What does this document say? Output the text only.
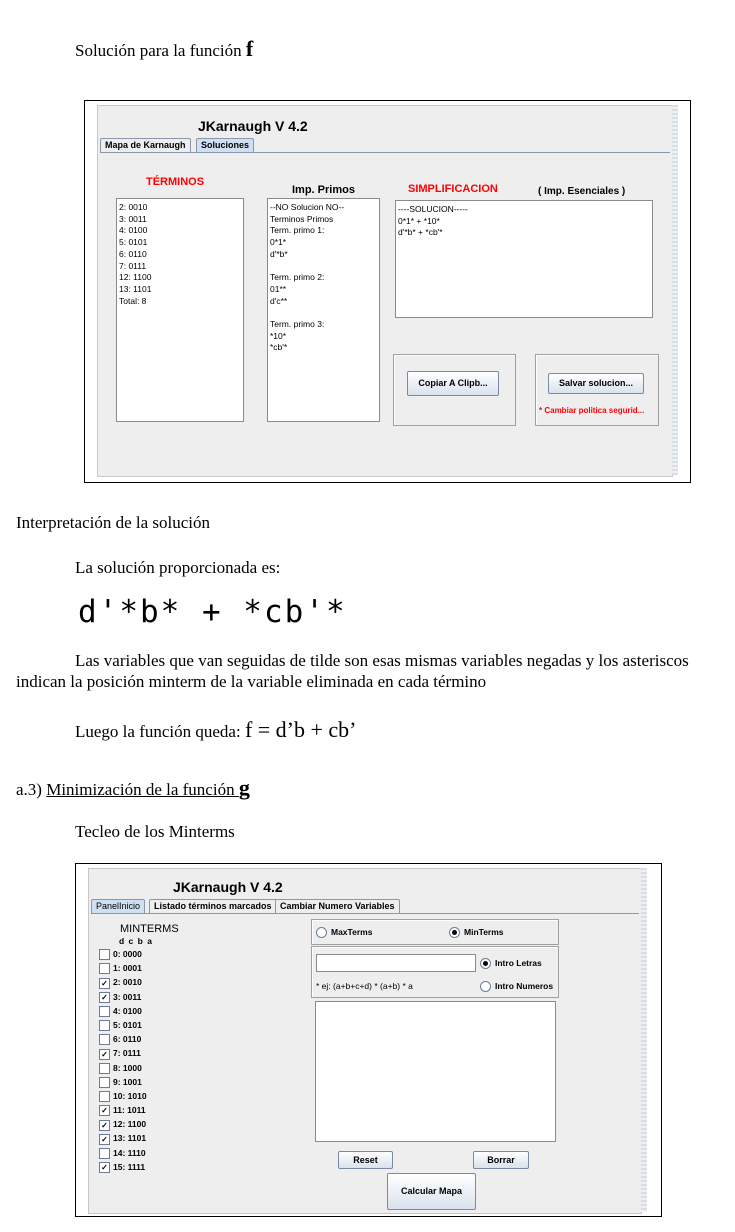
Solución para la función f
JKarnaugh V 4.2
Mapa de Karnaugh	Soluciones
TÉRMINOS
Imp. Primos	SIMPLIFICACION	( Imp. Esenciales )
2: 0010
3: 0011
4: 0100
5: 0101
6: 0110
7: 0111
12: 1100
13: 1101
Total: 8
--NO Solucion NO--
Terminos Primos
Term. primo 1:
0*1*
d'*b*

Term. primo 2:
01**
d'c**

Term. primo 3:
*10*
*cb'*
----SOLUCION-----
0*1* + *10*
d'*b* + *cb'*
Copiar A Clipb...	Salvar solucion...
* Cambiar politica segurid...
Interpretación de la solución
La solución proporcionada es:
d'*b* + *cb'*
Las variables que van seguidas de tilde son esas mismas variables negadas y los asteriscos indican la posición minterm de la variable eliminada en cada término
Luego la función queda: f = d’b + cb’
a.3) Minimización de la función g
Tecleo de los Minterms
JKarnaugh V 4.2
PanelInicio	Listado términos marcados Cambiar Numero Variables
MINTERMS
d c b a
0: 0000
1: 0001
✓ 2: 0010
✓ 3: 0011
4: 0100
5: 0101
6: 0110
✓ 7: 0111
8: 1000
9: 1001
10: 1010
✓ 11: 1011
✓ 12: 1100
✓ 13: 1101
14: 1110
✓ 15: 1111
MaxTerms	MinTerms
Intro Letras
* ej: (a+b+c+d) * (a+b) * a	Intro Numeros
Reset	Borrar
Calcular Mapa
